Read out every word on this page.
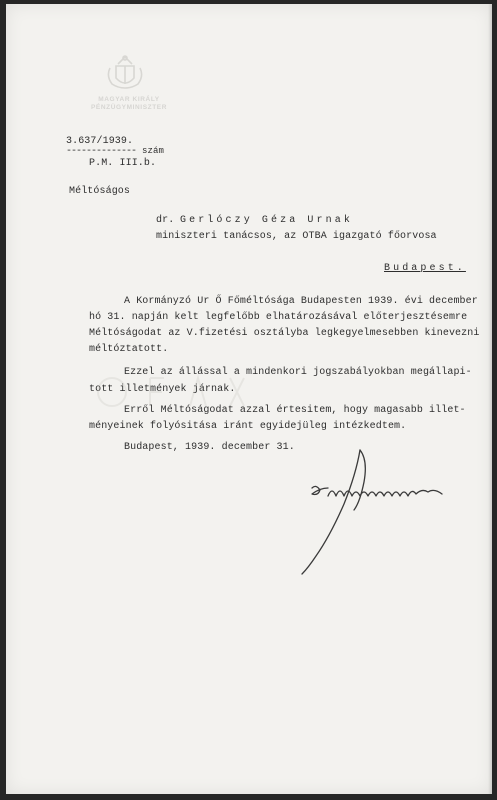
MAGYAR KIRÁLY
PÉNZÜGYMINISZTER
3.637/1939.
-------------- szám
P.M. III.b.
Méltóságos
dr. Gerlóczy Géza Urnak
miniszteri tanácsos, az OTBA igazgató főorvosa
Budapest.
A Kormányzó Ur Ő Főméltósága Budapesten 1939. évi december
hó 31. napján kelt legfelőbb elhatározásával előterjesztésemre
Méltóságodat az V.fizetési osztályba legkegyelmesebben kinevezni
méltóztatott.
Ezzel az állással a mindenkori jogszabályokban megállapi-
tott illetmények járnak.
Erről Méltóságodat azzal értesitem, hogy magasabb illet-
ményeinek folyósitása iránt egyidejüleg intézkedtem.
Budapest, 1939. december 31.
